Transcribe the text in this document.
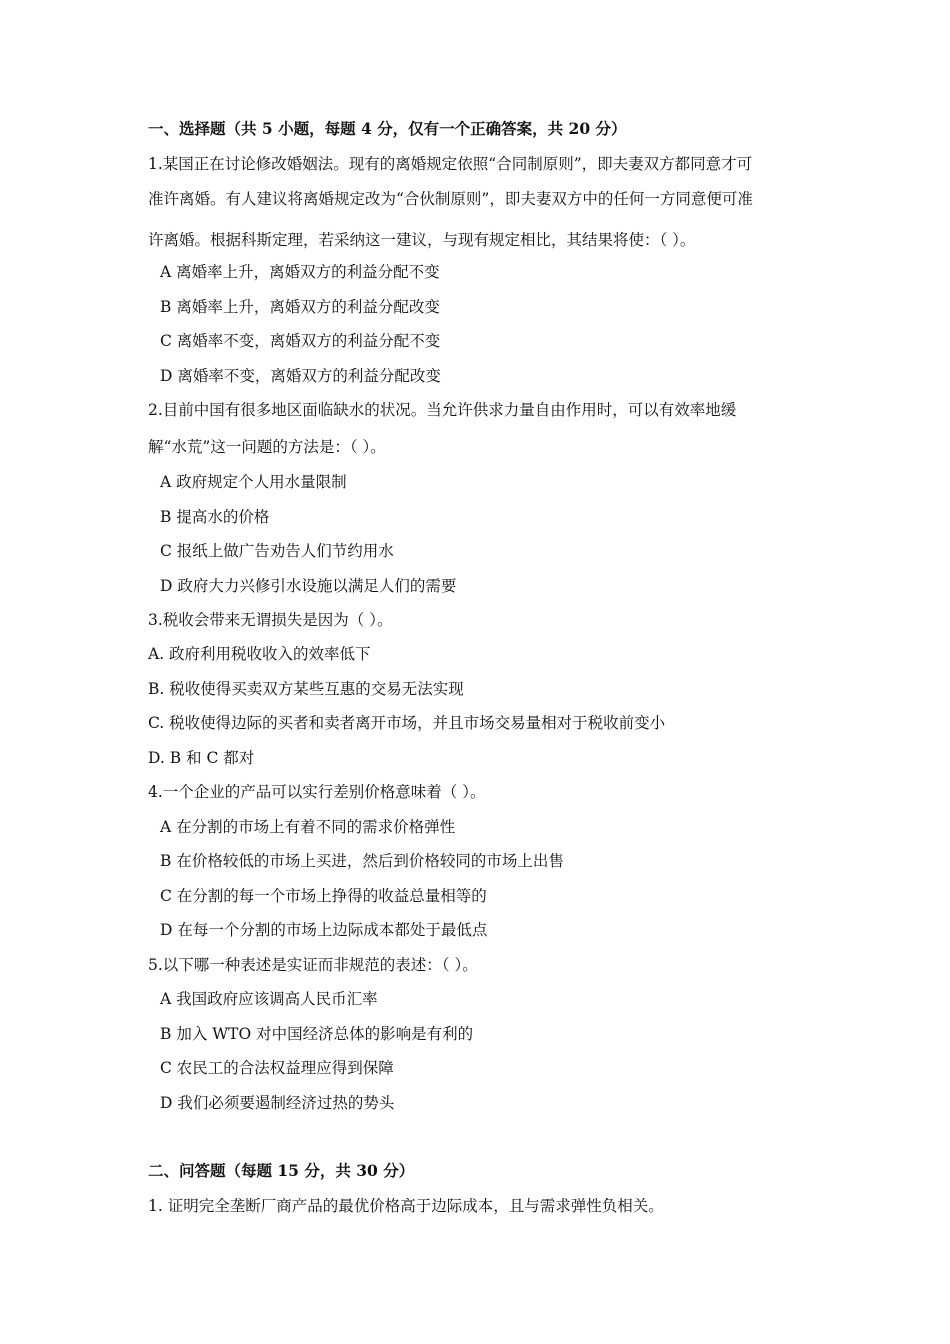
一、选择题（共 5 小题，每题 4 分，仅有一个正确答案，共 20 分）
1.某国正在讨论修改婚姻法。现有的离婚规定依照“合同制原则”，即夫妻双方都同意才可
准许离婚。有人建议将离婚规定改为“合伙制原则”，即夫妻双方中的任何一方同意便可准
许离婚。根据科斯定理，若采纳这一建议，与现有规定相比，其结果将使：（ ）。
A 离婚率上升，离婚双方的利益分配不变
B 离婚率上升，离婚双方的利益分配改变
C 离婚率不变，离婚双方的利益分配不变
D 离婚率不变，离婚双方的利益分配改变
2.目前中国有很多地区面临缺水的状况。当允许供求力量自由作用时，可以有效率地缓
解“水荒”这一问题的方法是：（ ）。
A 政府规定个人用水量限制
B 提高水的价格
C 报纸上做广告劝告人们节约用水
D 政府大力兴修引水设施以满足人们的需要
3.税收会带来无谓损失是因为（ ）。
A. 政府利用税收收入的效率低下
B. 税收使得买卖双方某些互惠的交易无法实现
C. 税收使得边际的买者和卖者离开市场，并且市场交易量相对于税收前变小
D. B 和 C 都对
4.一个企业的产品可以实行差别价格意味着（ ）。
A 在分割的市场上有着不同的需求价格弹性
B 在价格较低的市场上买进，然后到价格较同的市场上出售
C 在分割的每一个市场上挣得的收益总量相等的
D 在每一个分割的市场上边际成本都处于最低点
5.以下哪一种表述是实证而非规范的表述：（ ）。
A 我国政府应该调高人民币汇率
B 加入 WTO 对中国经济总体的影响是有利的
C 农民工的合法权益理应得到保障
D 我们必须要遏制经济过热的势头
二、问答题（每题 15 分，共 30 分）
1. 证明完全垄断厂商产品的最优价格高于边际成本，且与需求弹性负相关。
